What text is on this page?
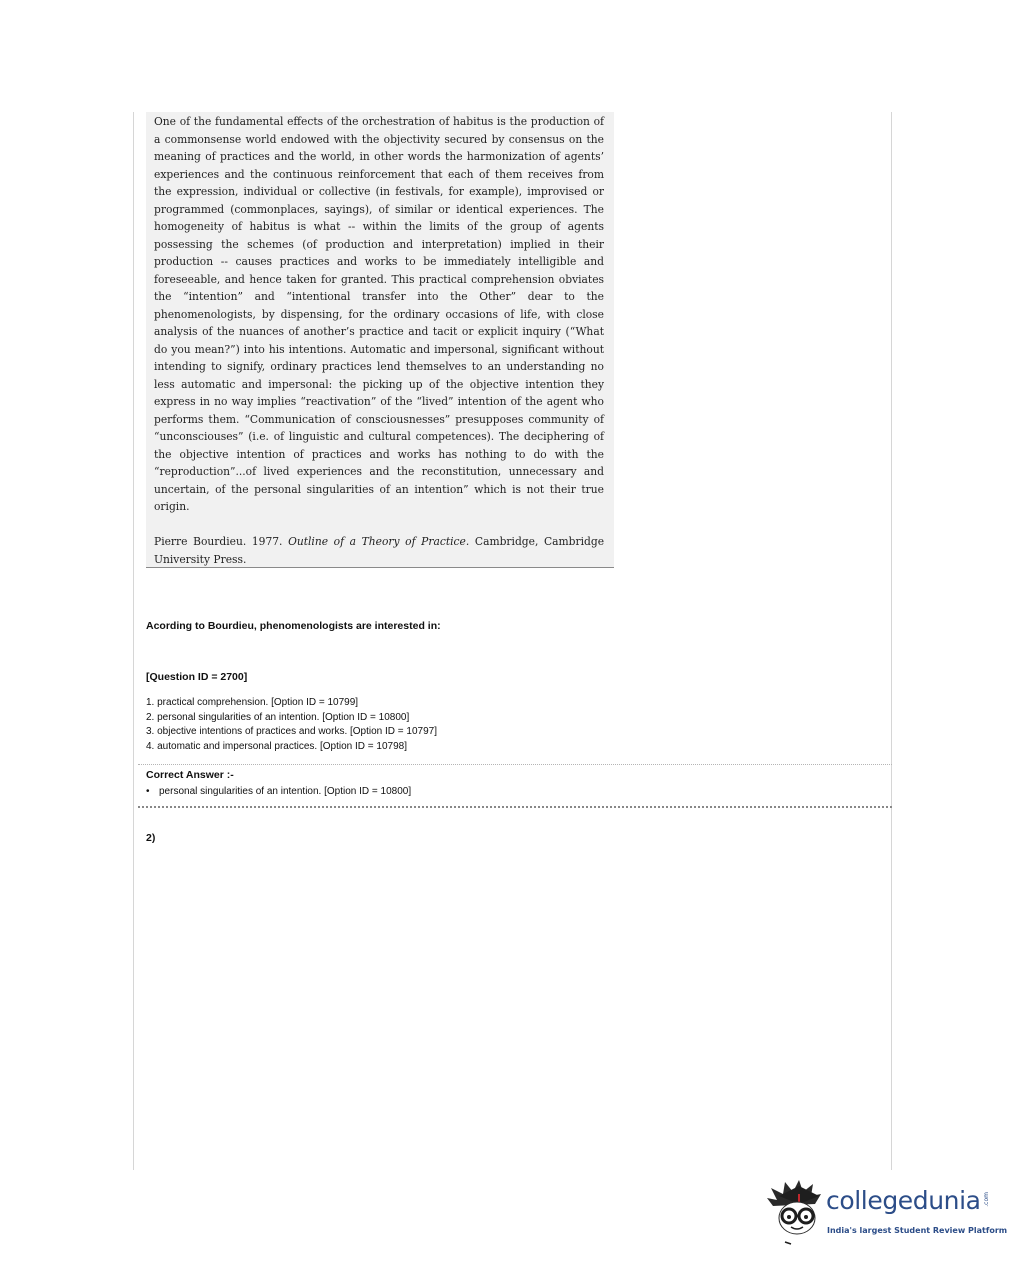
One of the fundamental effects of the orchestration of habitus is the production of a commonsense world endowed with the objectivity secured by consensus on the meaning of practices and the world, in other words the harmonization of agents’ experiences and the continuous reinforcement that each of them receives from the expression, individual or collective (in festivals, for example), improvised or programmed (commonplaces, sayings), of similar or identical experiences. The homogeneity of habitus is what -- within the limits of the group of agents possessing the schemes (of production and interpretation) implied in their production -- causes practices and works to be immediately intelligible and foreseeable, and hence taken for granted. This practical comprehension obviates the “intention” and “intentional transfer into the Other” dear to the phenomenologists, by dispensing, for the ordinary occasions of life, with close analysis of the nuances of another’s practice and tacit or explicit inquiry (“What do you mean?”) into his intentions. Automatic and impersonal, significant without intending to signify, ordinary practices lend themselves to an understanding no less automatic and impersonal: the picking up of the objective intention they express in no way implies “reactivation” of the “lived” intention of the agent who performs them. “Communication of consciousnesses” presupposes community of “unconsciouses” (i.e. of linguistic and cultural competences). The deciphering of the objective intention of practices and works has nothing to do with the “reproduction”...of lived experiences and the reconstitution, unnecessary and uncertain, of the personal singularities of an intention” which is not their true origin.

Pierre Bourdieu. 1977. Outline of a Theory of Practice. Cambridge, Cambridge University Press.

Acording to Bourdieu, phenomenologists are interested in:

[Question ID = 2700]

1. practical comprehension. [Option ID = 10799]
2. personal singularities of an intention. [Option ID = 10800]
3. objective intentions of practices and works. [Option ID = 10797]
4. automatic and impersonal practices. [Option ID = 10798]

Correct Answer :-

• personal singularities of an intention. [Option ID = 10800]

2)

collegedunia .com
India's largest Student Review Platform
